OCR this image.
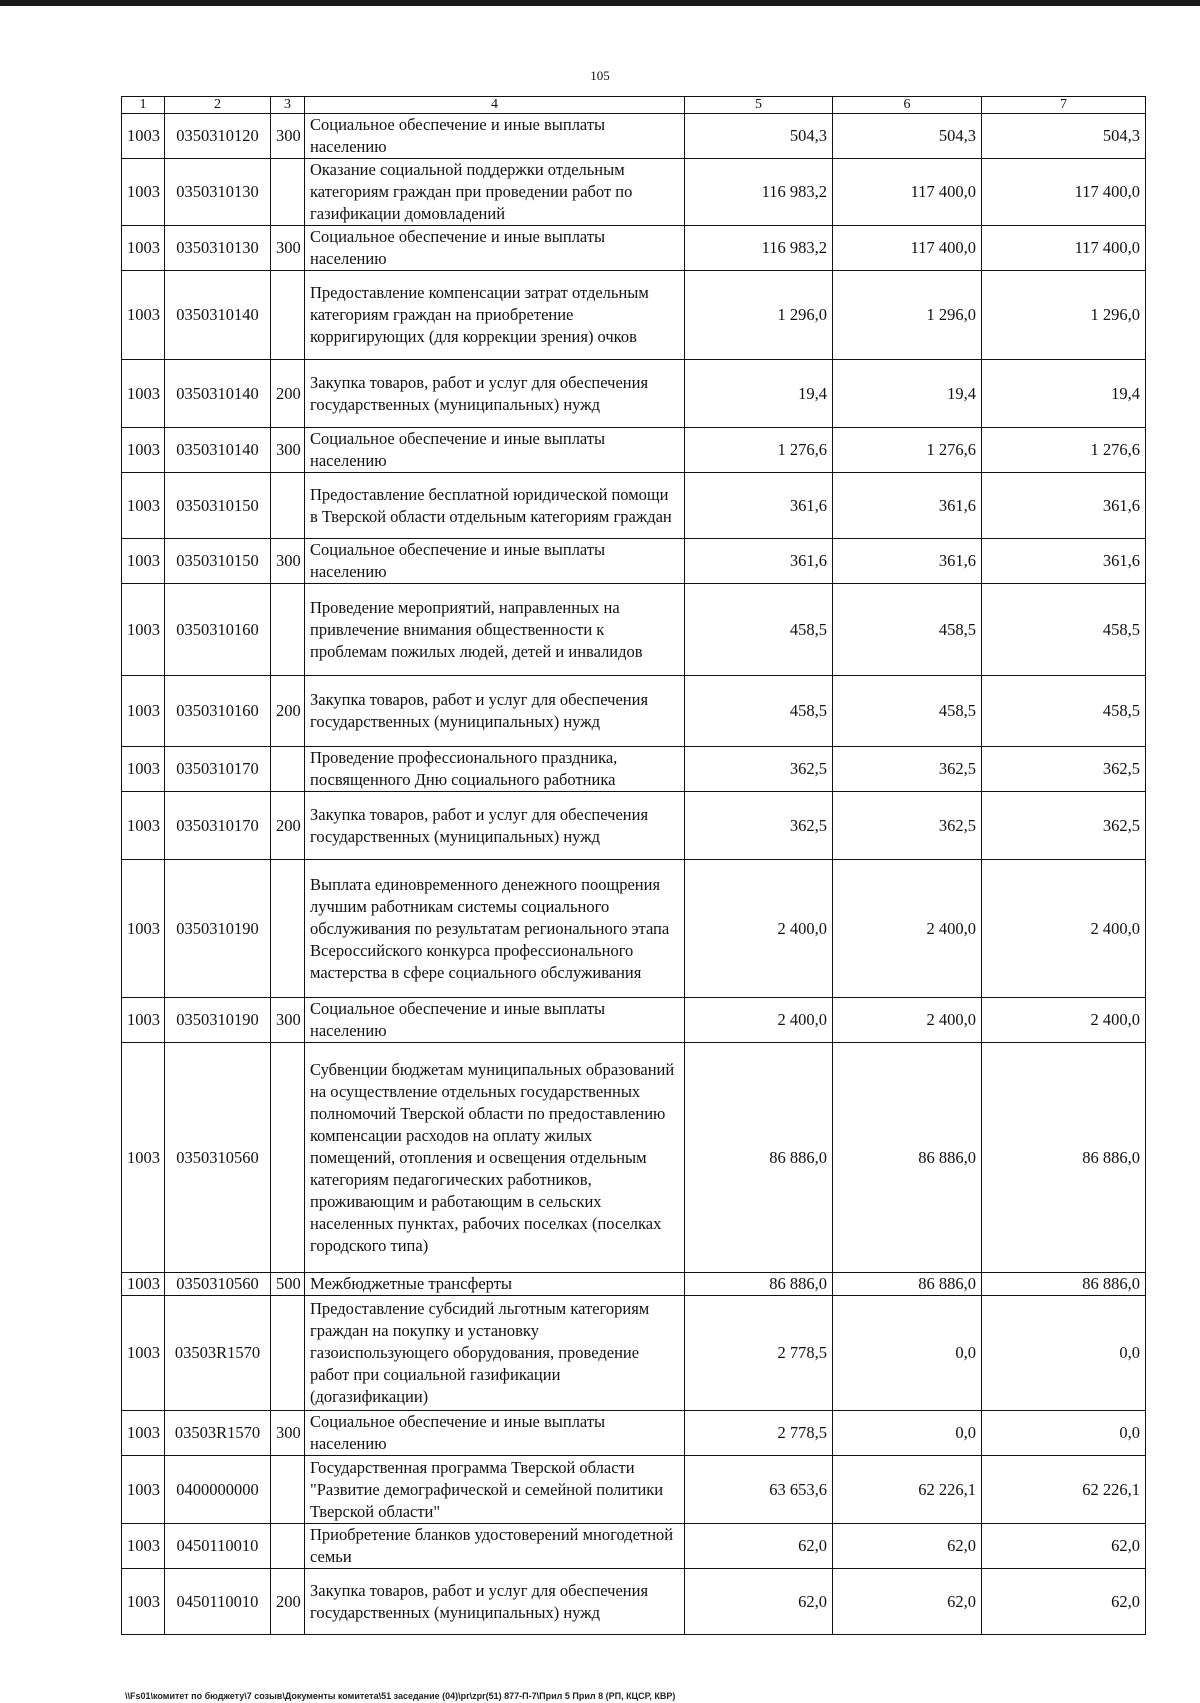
105
1	2	3	4	5	6	7
1003	0350310120	300	Социальное обеспечение и иные выплаты населению	504,3	504,3	504,3
1003	0350310130		Оказание социальной поддержки отдельным категориям граждан при проведении работ по газификации домовладений	116 983,2	117 400,0	117 400,0
1003	0350310130	300	Социальное обеспечение и иные выплаты населению	116 983,2	117 400,0	117 400,0
1003	0350310140		Предоставление компенсации затрат отдельным категориям граждан на приобретение корригирующих (для коррекции зрения) очков	1 296,0	1 296,0	1 296,0
1003	0350310140	200	Закупка товаров, работ и услуг для обеспечения государственных (муниципальных) нужд	19,4	19,4	19,4
1003	0350310140	300	Социальное обеспечение и иные выплаты населению	1 276,6	1 276,6	1 276,6
1003	0350310150		Предоставление бесплатной юридической помощи в Тверской области отдельным категориям граждан	361,6	361,6	361,6
1003	0350310150	300	Социальное обеспечение и иные выплаты населению	361,6	361,6	361,6
1003	0350310160		Проведение мероприятий, направленных на привлечение внимания общественности к проблемам пожилых людей, детей и инвалидов	458,5	458,5	458,5
1003	0350310160	200	Закупка товаров, работ и услуг для обеспечения государственных (муниципальных) нужд	458,5	458,5	458,5
1003	0350310170		Проведение профессионального праздника, посвященного Дню социального работника	362,5	362,5	362,5
1003	0350310170	200	Закупка товаров, работ и услуг для обеспечения государственных (муниципальных) нужд	362,5	362,5	362,5
1003	0350310190		Выплата единовременного денежного поощрения лучшим работникам системы социального обслуживания по результатам регионального этапа Всероссийского конкурса профессионального мастерства в сфере социального обслуживания	2 400,0	2 400,0	2 400,0
1003	0350310190	300	Социальное обеспечение и иные выплаты населению	2 400,0	2 400,0	2 400,0
1003	0350310560		Субвенции бюджетам муниципальных образований на осуществление отдельных государственных полномочий Тверской области по предоставлению компенсации расходов на оплату жилых помещений, отопления и освещения отдельным категориям педагогических работников, проживающим и работающим в сельских населенных пунктах, рабочих поселках (поселках городского типа)	86 886,0	86 886,0	86 886,0
1003	0350310560	500	Межбюджетные трансферты	86 886,0	86 886,0	86 886,0
1003	03503R1570		Предоставление субсидий льготным категориям граждан на покупку и установку газоиспользующего оборудования, проведение работ при социальной газификации (догазификации)	2 778,5	0,0	0,0
1003	03503R1570	300	Социальное обеспечение и иные выплаты населению	2 778,5	0,0	0,0
1003	0400000000		Государственная программа Тверской области "Развитие демографической и семейной политики Тверской области"	63 653,6	62 226,1	62 226,1
1003	0450110010		Приобретение бланков удостоверений многодетной семьи	62,0	62,0	62,0
1003	0450110010	200	Закупка товаров, работ и услуг для обеспечения государственных (муниципальных) нужд	62,0	62,0	62,0
\\Fs01\комитет по бюджету\7 созыв\Документы комитета\51 заседание (04)\pr\zpr(51) 877-П-7\Прил 5 Прил 8 (РП, КЦСР, КВР)
